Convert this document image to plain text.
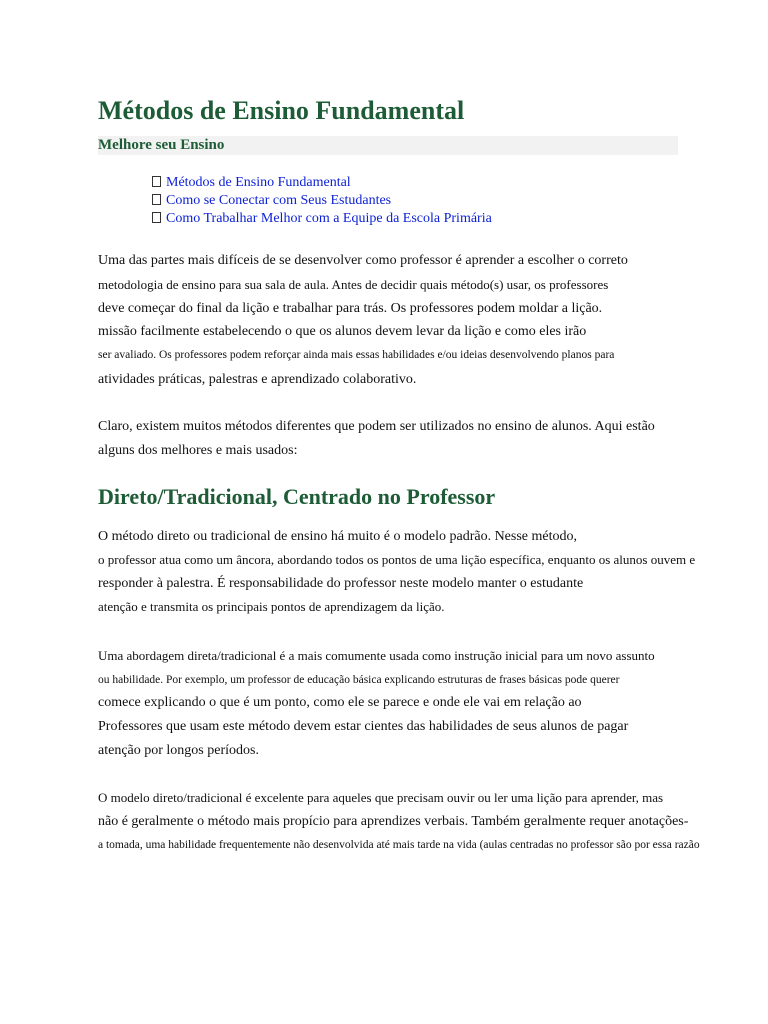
Métodos de Ensino Fundamental
Melhore seu Ensino
Métodos de Ensino Fundamental
Como se Conectar com Seus Estudantes
Como Trabalhar Melhor com a Equipe da Escola Primária

Uma das partes mais difíceis de se desenvolver como professor é aprender a escolher o correto

metodologia de ensino para sua sala de aula. Antes de decidir quais método(s) usar, os professores

deve começar do final da lição e trabalhar para trás. Os professores podem moldar a lição.

missão facilmente estabelecendo o que os alunos devem levar da lição e como eles irão

ser avaliado. Os professores podem reforçar ainda mais essas habilidades e/ou ideias desenvolvendo planos para

atividades práticas, palestras e aprendizado colaborativo.

Claro, existem muitos métodos diferentes que podem ser utilizados no ensino de alunos. Aqui estão

alguns dos melhores e mais usados:

Direto/Tradicional, Centrado no Professor

O método direto ou tradicional de ensino há muito é o modelo padrão. Nesse método,

o professor atua como um âncora, abordando todos os pontos de uma lição específica, enquanto os alunos ouvem e

responder à palestra. É responsabilidade do professor neste modelo manter o estudante

atenção e transmita os principais pontos de aprendizagem da lição.

Uma abordagem direta/tradicional é a mais comumente usada como instrução inicial para um novo assunto

ou habilidade. Por exemplo, um professor de educação básica explicando estruturas de frases básicas pode querer

comece explicando o que é um ponto, como ele se parece e onde ele vai em relação ao

Professores que usam este método devem estar cientes das habilidades de seus alunos de pagar

atenção por longos períodos.

O modelo direto/tradicional é excelente para aqueles que precisam ouvir ou ler uma lição para aprender, mas

não é geralmente o método mais propício para aprendizes verbais. Também geralmente requer anotações-

a tomada, uma habilidade frequentemente não desenvolvida até mais tarde na vida (aulas centradas no professor são por essa razão
